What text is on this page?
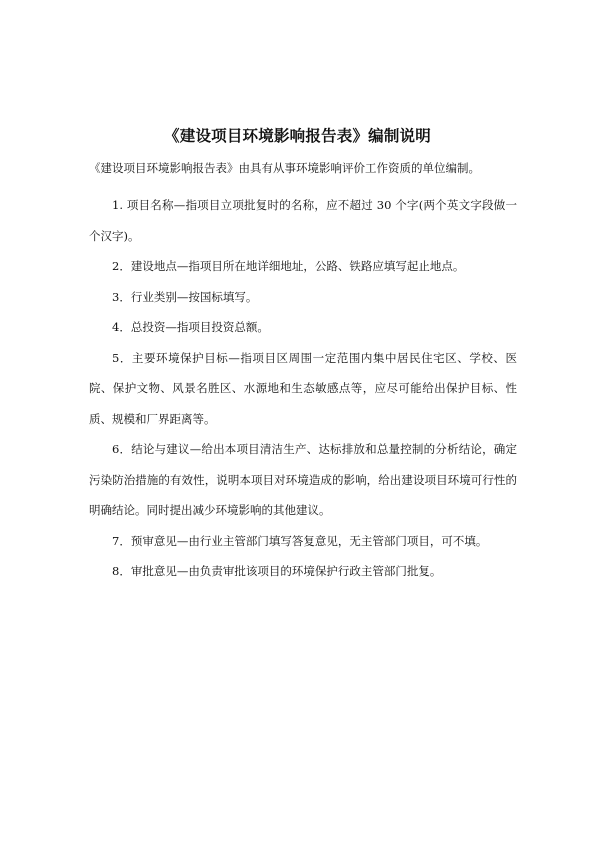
《建设项目环境影响报告表》编制说明
《建设项目环境影响报告表》由具有从事环境影响评价工作资质的单位编制。

1. 项目名称—指项目立项批复时的名称，应不超过 30 个字(两个英文字段做一个汉字)。

2．建设地点—指项目所在地详细地址，公路、铁路应填写起止地点。

3．行业类别—按国标填写。

4．总投资—指项目投资总额。

5．主要环境保护目标—指项目区周围一定范围内集中居民住宅区、学校、医院、保护文物、风景名胜区、水源地和生态敏感点等，应尽可能给出保护目标、性质、规模和厂界距离等。

6．结论与建议—给出本项目清洁生产、达标排放和总量控制的分析结论，确定污染防治措施的有效性，说明本项目对环境造成的影响，给出建设项目环境可行性的明确结论。同时提出减少环境影响的其他建议。

7．预审意见—由行业主管部门填写答复意见，无主管部门项目，可不填。

8．审批意见—由负责审批该项目的环境保护行政主管部门批复。
